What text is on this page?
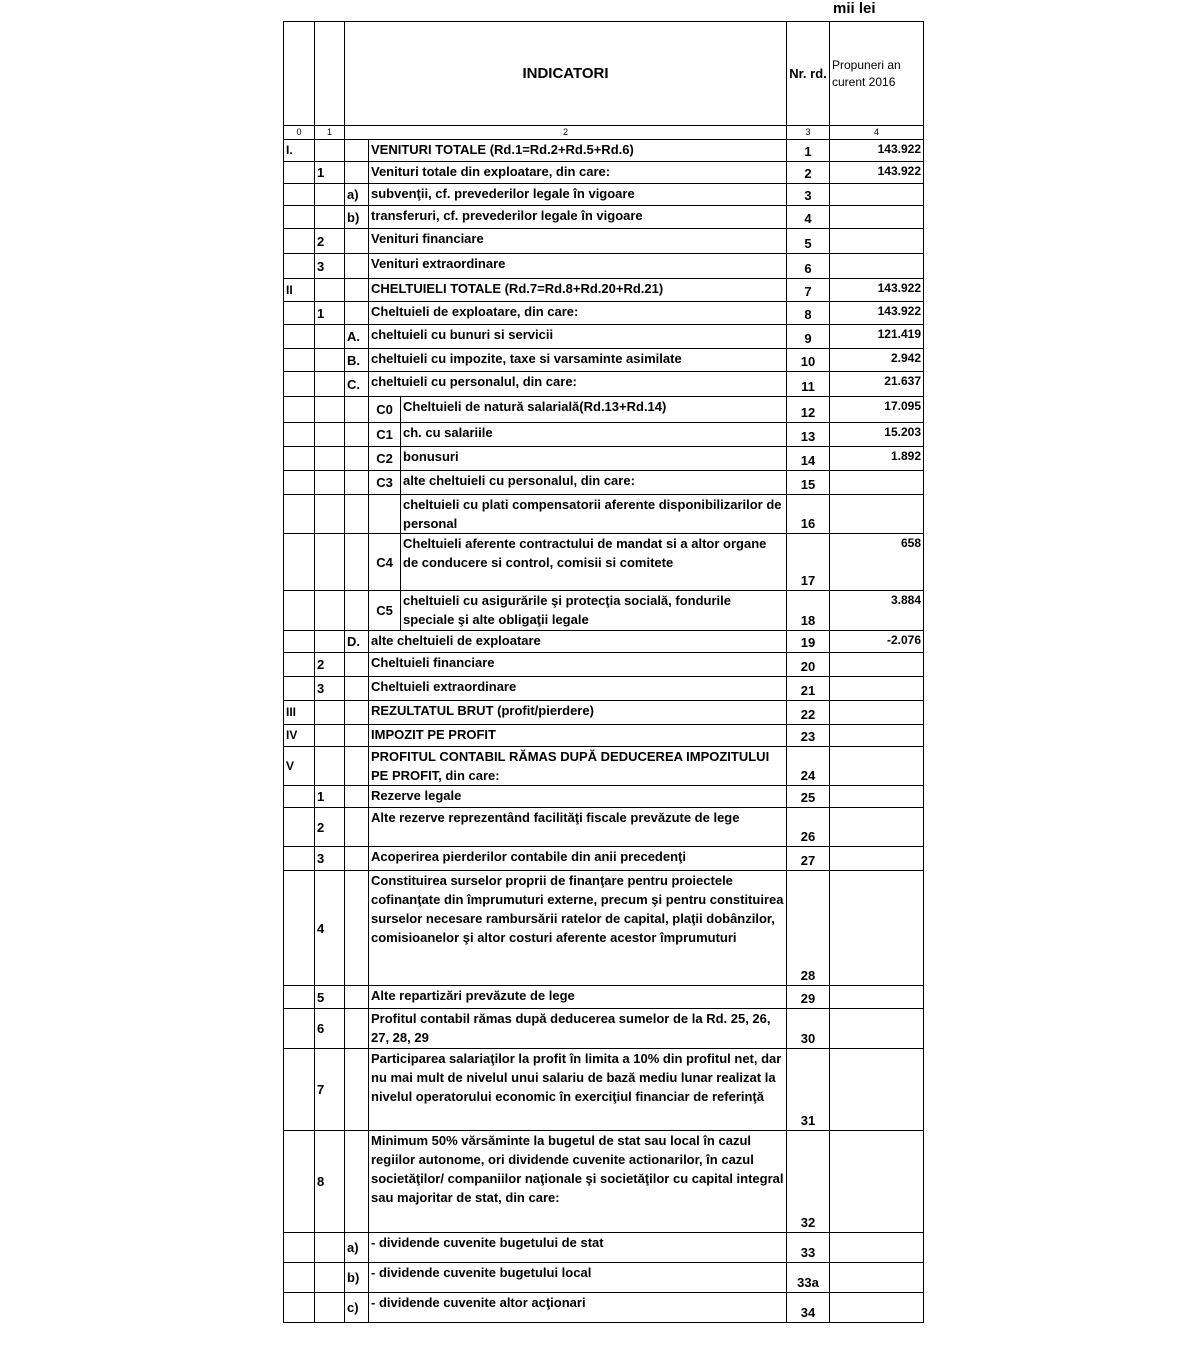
mii lei
		INDICATORI			Nr. rd.	Propuneri an curent 2016
0	1	2			3	4
I.			VENITURI TOTALE (Rd.1=Rd.2+Rd.5+Rd.6)		1	143.922
	1		Venituri totale din exploatare, din care:		2	143.922
		a)	subvenţii, cf. prevederilor legale în vigoare		3	
		b)	transferuri, cf. prevederilor legale în vigoare		4	
	2		Venituri financiare		5	
	3		Venituri extraordinare		6	
II			CHELTUIELI TOTALE (Rd.7=Rd.8+Rd.20+Rd.21)		7	143.922
	1		Cheltuieli de exploatare, din care:		8	143.922
		A.	cheltuieli cu bunuri si servicii		9	121.419
		B.	cheltuieli cu impozite, taxe si varsaminte asimilate		10	2.942
		C.	cheltuieli cu personalul, din care:		11	21.637
			C0	Cheltuieli de natură salarială(Rd.13+Rd.14)	12	17.095
			C1	ch. cu salariile	13	15.203
			C2	bonusuri	14	1.892
			C3	alte cheltuieli cu personalul, din care:	15	
				cheltuieli cu plati compensatorii aferente disponibilizarilor de personal	16	
			C4	Cheltuieli aferente contractului de mandat si a altor organe de conducere si control, comisii si comitete	17	658
			C5	cheltuieli cu asigurările şi protecţia socială, fondurile speciale şi alte obligaţii legale	18	3.884
		D.	alte cheltuieli de exploatare		19	-2.076
	2		Cheltuieli financiare		20	
	3		Cheltuieli extraordinare		21	
III			REZULTATUL BRUT (profit/pierdere)		22	
IV			IMPOZIT PE PROFIT		23	
V			PROFITUL CONTABIL RĂMAS DUPĂ DEDUCEREA IMPOZITULUI PE PROFIT, din care:		24	
	1		Rezerve legale		25	
	2		Alte rezerve reprezentând facilităţi fiscale prevăzute de lege		26	
	3		Acoperirea pierderilor contabile din anii precedenţi		27	
	4		Constituirea surselor proprii de finanţare pentru proiectele cofinanţate din împrumuturi externe, precum şi pentru constituirea surselor necesare rambursării ratelor de capital, plaţii dobânzilor, comisioanelor şi altor costuri aferente acestor împrumuturi		28	
	5		Alte repartizări prevăzute de lege		29	
	6		Profitul contabil rămas după deducerea sumelor de la Rd. 25, 26, 27, 28, 29		30	
	7		Participarea salariaţilor la profit în limita a 10% din profitul net, dar nu mai mult de nivelul unui salariu de bază mediu lunar realizat la nivelul operatorului economic în exerciţiul financiar de referinţă		31	
	8		Minimum 50% vărsăminte la bugetul de stat sau local în cazul regiilor autonome, ori dividende cuvenite actionarilor, în cazul societăţilor/ companiilor naţionale şi societăţilor cu capital integral sau majoritar de stat, din care:		32	
		a)	- dividende cuvenite bugetului de stat		33	
		b)	- dividende cuvenite bugetului local		33a	
		c)	- dividende cuvenite altor acţionari		34	
